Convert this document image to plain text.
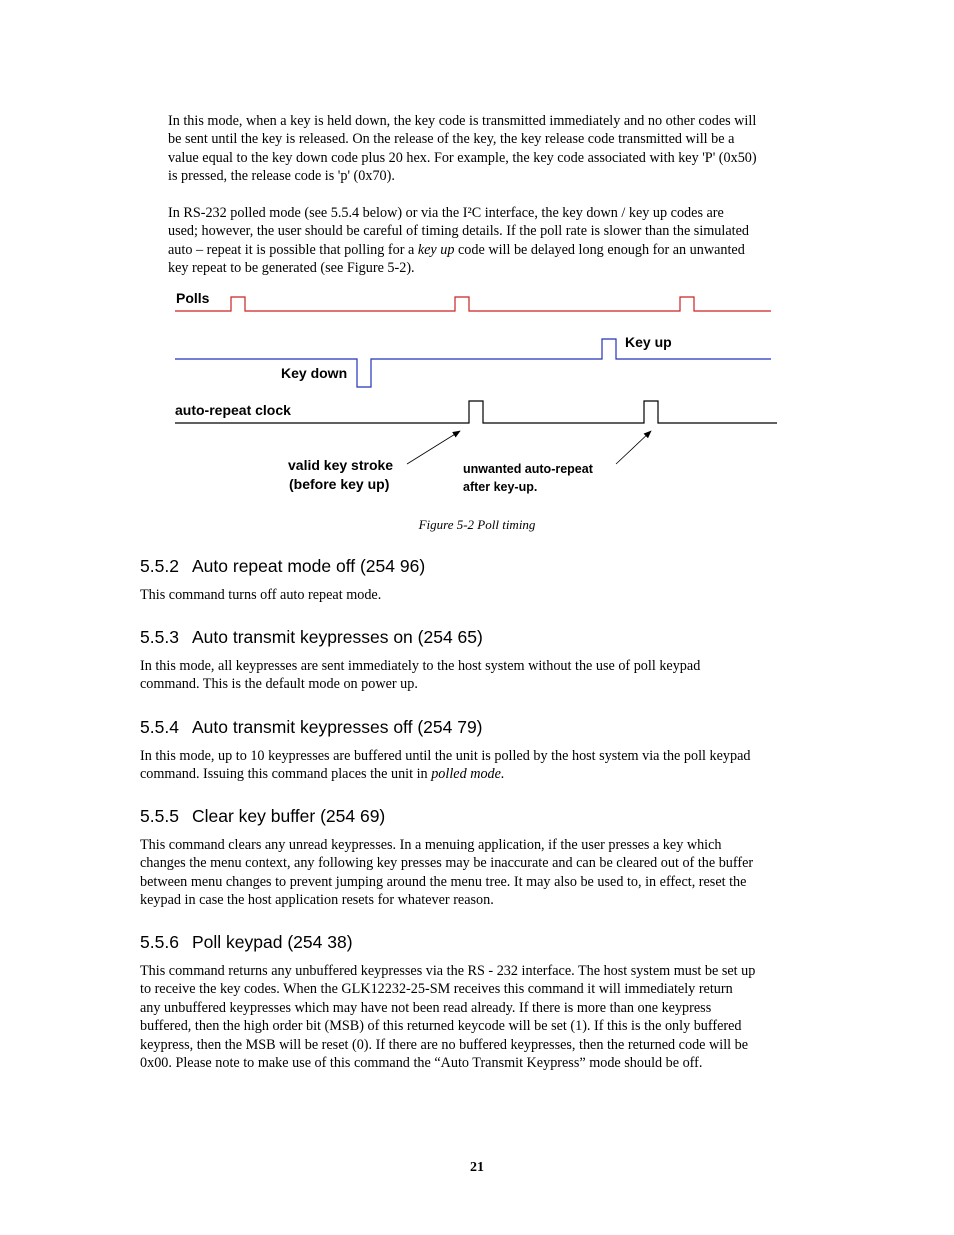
In this mode, when a key is held down, the key code is transmitted immediately and no other codes will
be sent until the key is released. On the release of the key, the key release code transmitted will be a
value equal to the key down code plus 20 hex. For example, the key code associated with key 'P' (0x50)
is pressed, the release code is 'p' (0x70).
In RS-232 polled mode (see 5.5.4 below) or via the I²C interface, the key down / key up codes are
used; however, the user should be careful of timing details. If the poll rate is slower than the simulated
auto – repeat it is possible that polling for a key up code will be delayed long enough for an unwanted
key repeat to be generated (see Figure 5-2).
Polls
Key up
Key down
auto-repeat clock
valid key stroke
(before key up)
unwanted auto-repeat
after key-up.
Figure 5-2 Poll timing
5.5.2 Auto repeat mode off (254 96)
This command turns off auto repeat mode.
5.5.3 Auto transmit keypresses on (254 65)
In this mode, all keypresses are sent immediately to the host system without the use of poll keypad
command. This is the default mode on power up.
5.5.4 Auto transmit keypresses off (254 79)
In this mode, up to 10 keypresses are buffered until the unit is polled by the host system via the poll keypad
command. Issuing this command places the unit in polled mode.
5.5.5 Clear key buffer (254 69)
This command clears any unread keypresses. In a menuing application, if the user presses a key which
changes the menu context, any following key presses may be inaccurate and can be cleared out of the buffer
between menu changes to prevent jumping around the menu tree. It may also be used to, in effect, reset the
keypad in case the host application resets for whatever reason.
5.5.6 Poll keypad (254 38)
This command returns any unbuffered keypresses via the RS - 232 interface. The host system must be set up
to receive the key codes. When the GLK12232-25-SM receives this command it will immediately return
any unbuffered keypresses which may have not been read already. If there is more than one keypress
buffered, then the high order bit (MSB) of this returned keycode will be set (1). If this is the only buffered
keypress, then the MSB will be reset (0). If there are no buffered keypresses, then the returned code will be
0x00. Please note to make use of this command the “Auto Transmit Keypress” mode should be off.
21
